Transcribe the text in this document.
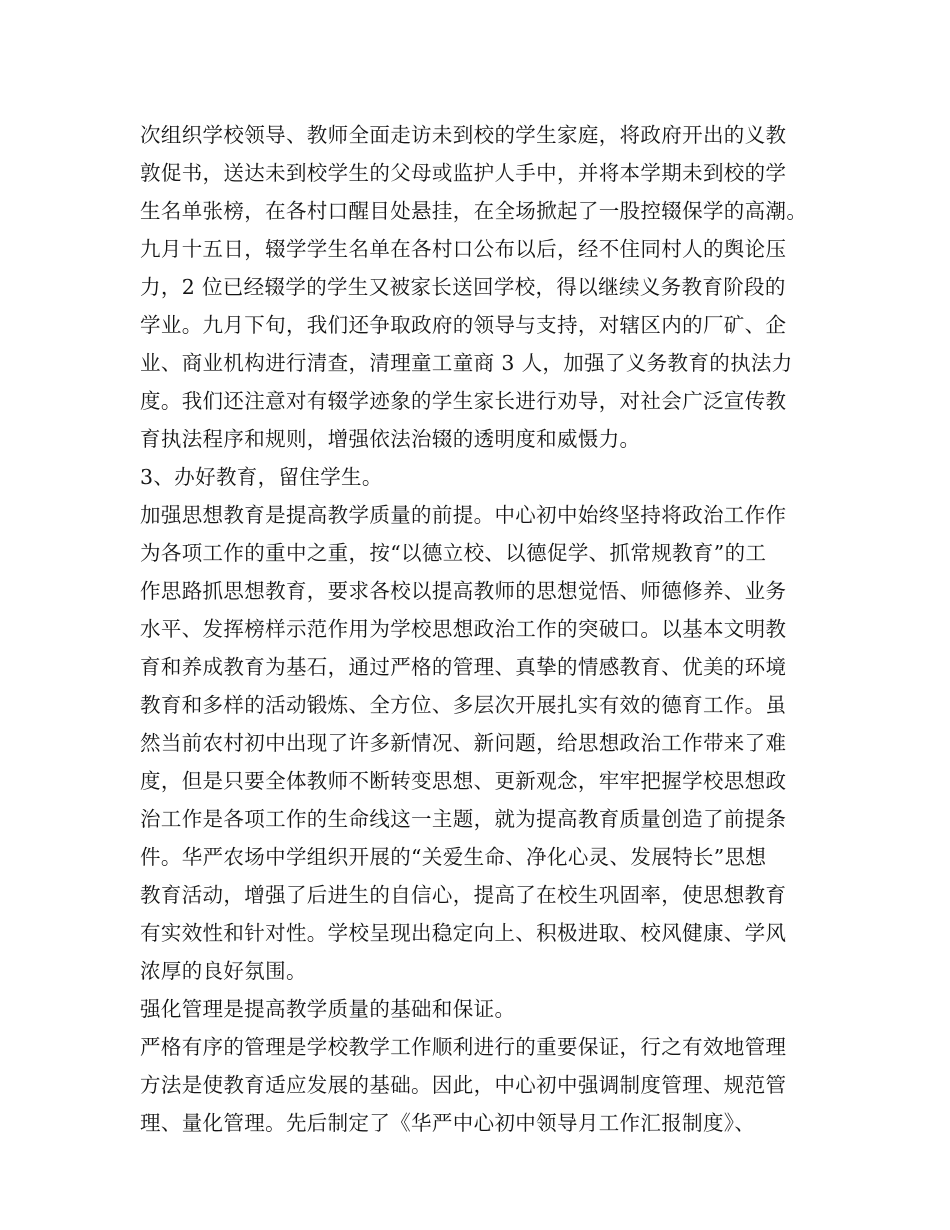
次组织学校领导、教师全面走访未到校的学生家庭，将政府开出的义教
敦促书，送达未到校学生的父母或监护人手中，并将本学期未到校的学
生名单张榜，在各村口醒目处悬挂，在全场掀起了一股控辍保学的高潮。
九月十五日，辍学学生名单在各村口公布以后，经不住同村人的舆论压
力，2 位已经辍学的学生又被家长送回学校，得以继续义务教育阶段的
学业。九月下旬，我们还争取政府的领导与支持，对辖区内的厂矿、企
业、商业机构进行清查，清理童工童商 3 人，加强了义务教育的执法力
度。我们还注意对有辍学迹象的学生家长进行劝导，对社会广泛宣传教
育执法程序和规则，增强依法治辍的透明度和威慑力。
3、办好教育，留住学生。
加强思想教育是提高教学质量的前提。中心初中始终坚持将政治工作作
为各项工作的重中之重，按“以德立校、以德促学、抓常规教育”的工
作思路抓思想教育，要求各校以提高教师的思想觉悟、师德修养、业务
水平、发挥榜样示范作用为学校思想政治工作的突破口。以基本文明教
育和养成教育为基石，通过严格的管理、真挚的情感教育、优美的环境
教育和多样的活动锻炼、全方位、多层次开展扎实有效的德育工作。虽
然当前农村初中出现了许多新情况、新问题，给思想政治工作带来了难
度，但是只要全体教师不断转变思想、更新观念，牢牢把握学校思想政
治工作是各项工作的生命线这一主题，就为提高教育质量创造了前提条
件。华严农场中学组织开展的“关爱生命、净化心灵、发展特长”思想
教育活动，增强了后进生的自信心，提高了在校生巩固率，使思想教育
有实效性和针对性。学校呈现出稳定向上、积极进取、校风健康、学风
浓厚的良好氛围。
强化管理是提高教学质量的基础和保证。
严格有序的管理是学校教学工作顺利进行的重要保证，行之有效地管理
方法是使教育适应发展的基础。因此，中心初中强调制度管理、规范管
理、量化管理。先后制定了《华严中心初中领导月工作汇报制度》、
